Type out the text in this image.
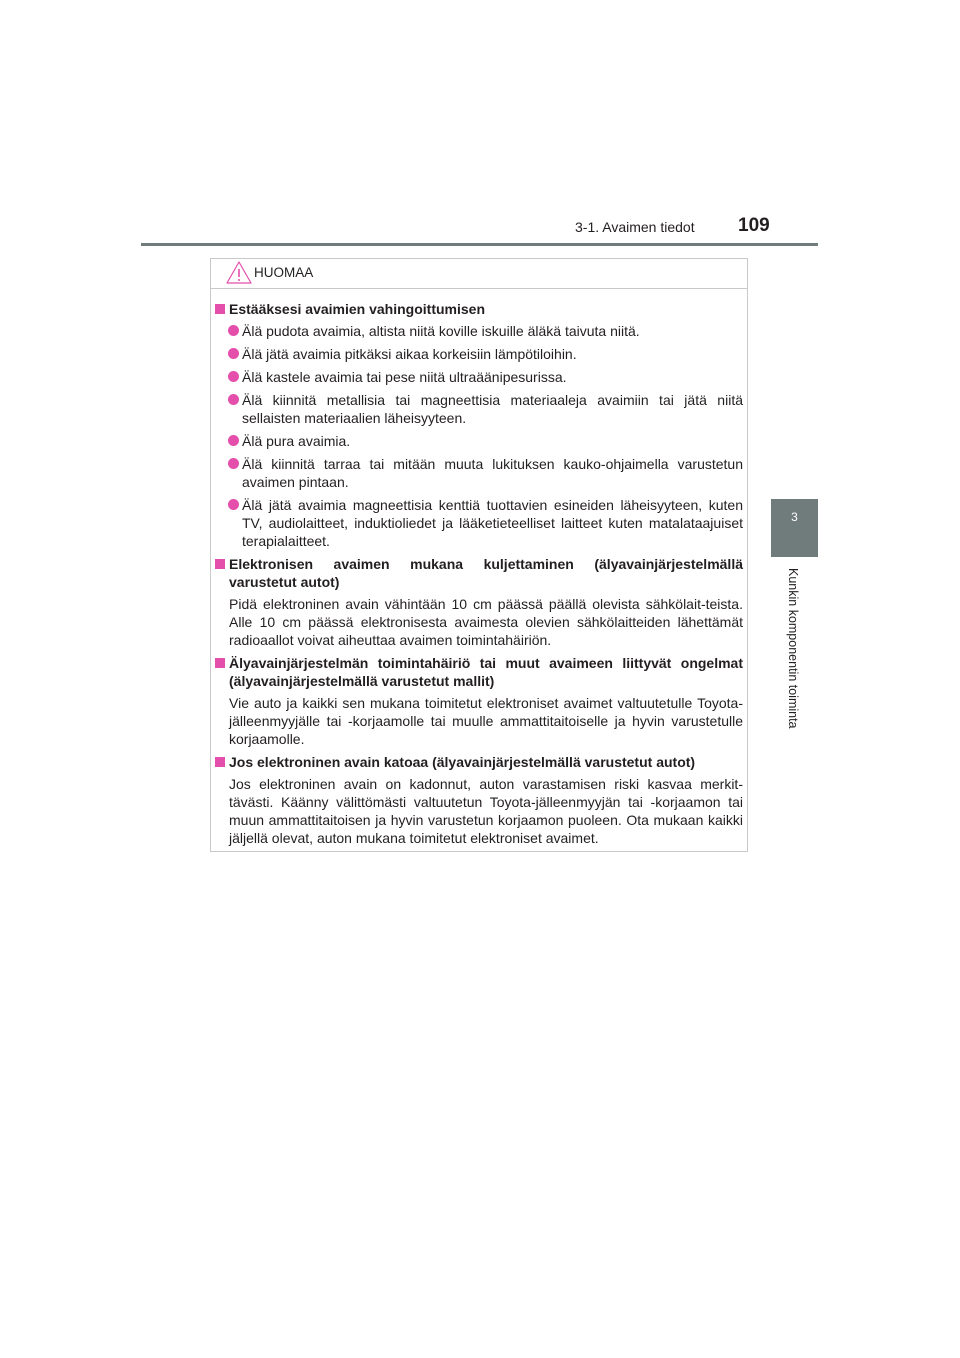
3-1. Avaimen tiedot	109
3
Kunkin komponentin toiminta
HUOMAA
Estääksesi avaimien vahingoittumisen
Älä pudota avaimia, altista niitä koville iskuille äläkä taivuta niitä.
Älä jätä avaimia pitkäksi aikaa korkeisiin lämpötiloihin.
Älä kastele avaimia tai pese niitä ultraäänipesurissa.
Älä kiinnitä metallisia tai magneettisia materiaaleja avaimiin tai jätä niitä sellaisten materiaalien läheisyyteen.
Älä pura avaimia.
Älä kiinnitä tarraa tai mitään muuta lukituksen kauko-ohjaimella varustetun avaimen pintaan.
Älä jätä avaimia magneettisia kenttiä tuottavien esineiden läheisyyteen, kuten TV, audiolaitteet, induktioliedet ja lääketieteelliset laitteet kuten matalataajuiset terapialaitteet.
Elektronisen avaimen mukana kuljettaminen (älyavainjärjestelmällä varustetut autot)
Pidä elektroninen avain vähintään 10 cm päässä päällä olevista sähkölait-teista. Alle 10 cm päässä elektronisesta avaimesta olevien sähkölaitteiden lähettämät radioaallot voivat aiheuttaa avaimen toimintahäiriön.
Älyavainjärjestelmän toimintahäiriö tai muut avaimeen liittyvät ongelmat (älyavainjärjestelmällä varustetut mallit)
Vie auto ja kaikki sen mukana toimitetut elektroniset avaimet valtuutetulle Toyota-jälleenmyyjälle tai -korjaamolle tai muulle ammattitaitoiselle ja hyvin varustetulle korjaamolle.
Jos elektroninen avain katoaa (älyavainjärjestelmällä varustetut autot)
Jos elektroninen avain on kadonnut, auton varastamisen riski kasvaa merkit-tävästi. Käänny välittömästi valtuutetun Toyota-jälleenmyyjän tai -korjaamon tai muun ammattitaitoisen ja hyvin varustetun korjaamon puoleen. Ota mukaan kaikki jäljellä olevat, auton mukana toimitetut elektroniset avaimet.
